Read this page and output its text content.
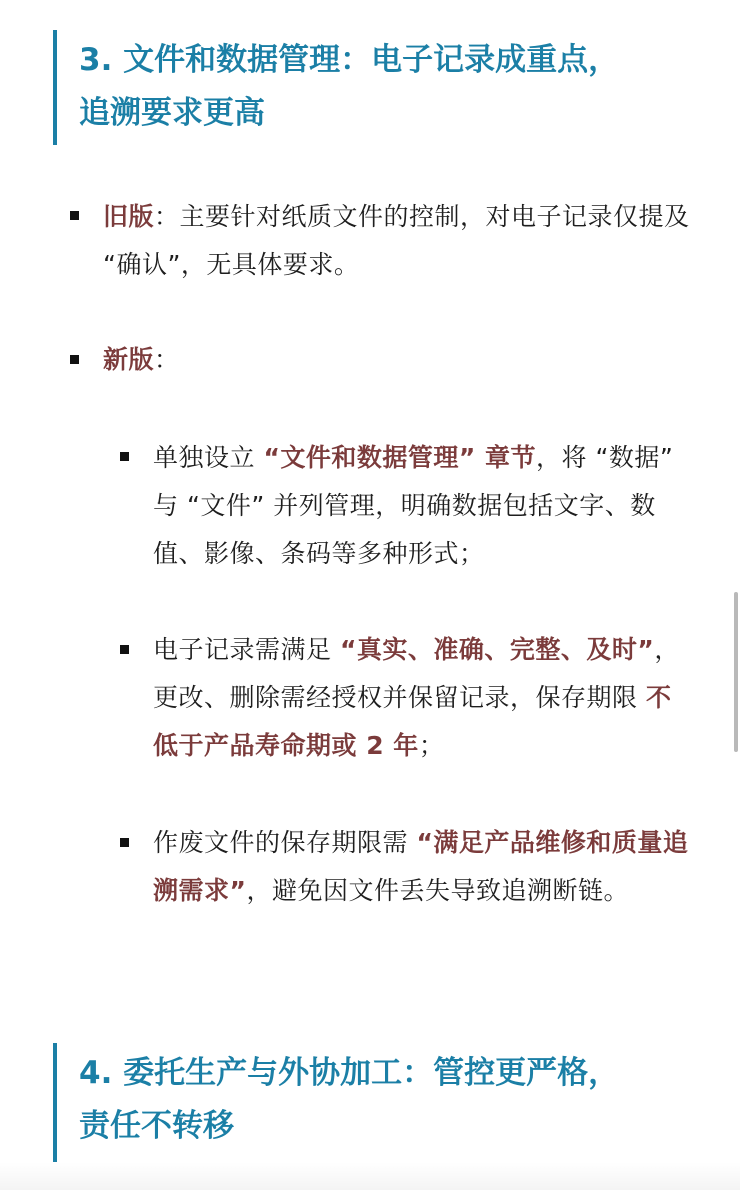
3. 文件和数据管理：电子记录成重点，
追溯要求更高
旧版：主要针对纸质文件的控制，对电子记录仅提及 “确认”，无具体要求。
新版：
单独设立 “文件和数据管理” 章节，将 “数据” 与 “文件” 并列管理，明确数据包括文字、数值、影像、条码等多种形式；
电子记录需满足 “真实、准确、完整、及时”，更改、删除需经授权并保留记录，保存期限 不低于产品寿命期或 2 年；
作废文件的保存期限需 “满足产品维修和质量追溯需求”，避免因文件丢失导致追溯断链。
4. 委托生产与外协加工：管控更严格，
责任不转移
